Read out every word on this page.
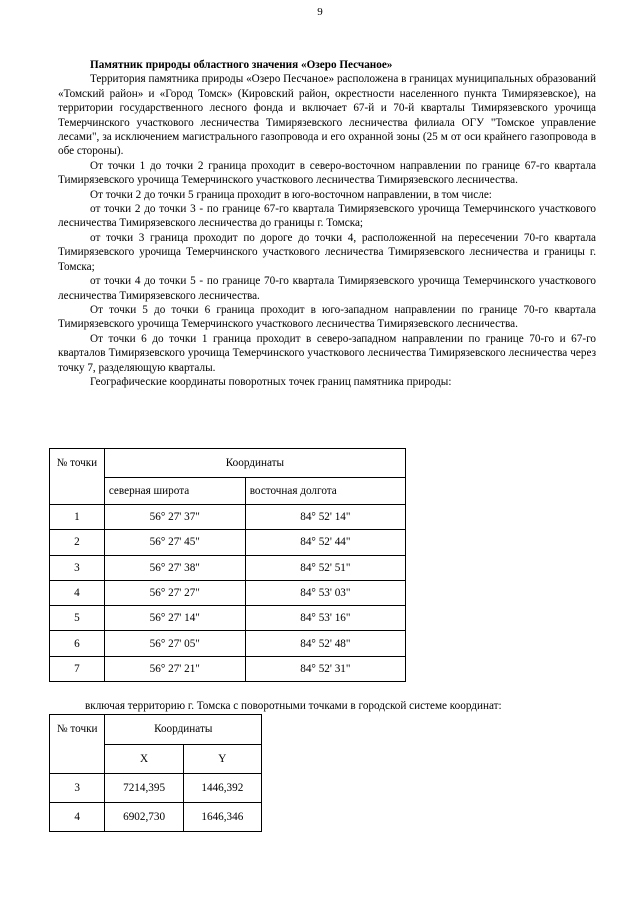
9

Памятник природы областного значения «Озеро Песчаное»

Территория памятника природы «Озеро Песчаное» расположена в границах муниципальных образований «Томский район» и «Город Томск» (Кировский район, окрестности населенного пункта Тимирязевское), на территории государственного лесного фонда и включает 67-й и 70-й кварталы Тимирязевского урочища Темерчинского участкового лесничества Тимирязевского лесничества филиала ОГУ "Томское управление лесами", за исключением магистрального газопровода и его охранной зоны (25 м от оси крайнего газопровода в обе стороны).

От точки 1 до точки 2 граница проходит в северо-восточном направлении по границе 67-го квартала Тимирязевского урочища Темерчинского участкового лесничества Тимирязевского лесничества.

От точки 2 до точки 5 граница проходит в юго-восточном направлении, в том числе:

от точки 2 до точки 3 - по границе 67-го квартала Тимирязевского урочища Темерчинского участкового лесничества Тимирязевского лесничества до границы г. Томска;

от точки 3 граница проходит по дороге до точки 4, расположенной на пересечении 70-го квартала Тимирязевского урочища Темерчинского участкового лесничества Тимирязевского лесничества и границы г. Томска;

от точки 4 до точки 5 - по границе 70-го квартала Тимирязевского урочища Темерчинского участкового лесничества Тимирязевского лесничества.

От точки 5 до точки 6 граница проходит в юго-западном направлении по границе 70-го квартала Тимирязевского урочища Темерчинского участкового лесничества Тимирязевского лесничества.

От точки 6 до точки 1 граница проходит в северо-западном направлении по границе 70-го и 67-го кварталов Тимирязевского урочища Темерчинского участкового лесничества Тимирязевского лесничества через точку 7, разделяющую кварталы.

Географические координаты поворотных точек границ памятника природы:

№ точки	Координаты	
	северная широта	восточная долгота
1	56° 27' 37"	84° 52' 14"
2	56° 27' 45"	84° 52' 44"
3	56° 27' 38"	84° 52' 51"
4	56° 27' 27"	84° 53' 03"
5	56° 27' 14"	84° 53' 16"
6	56° 27' 05"	84° 52' 48"
7	56° 27' 21"	84° 52' 31"
включая территорию г. Томска с поворотными точками в городской системе координат:
№ точки	Координаты	
	X	Y
3	7214,395	1446,392
4	6902,730	1646,346
